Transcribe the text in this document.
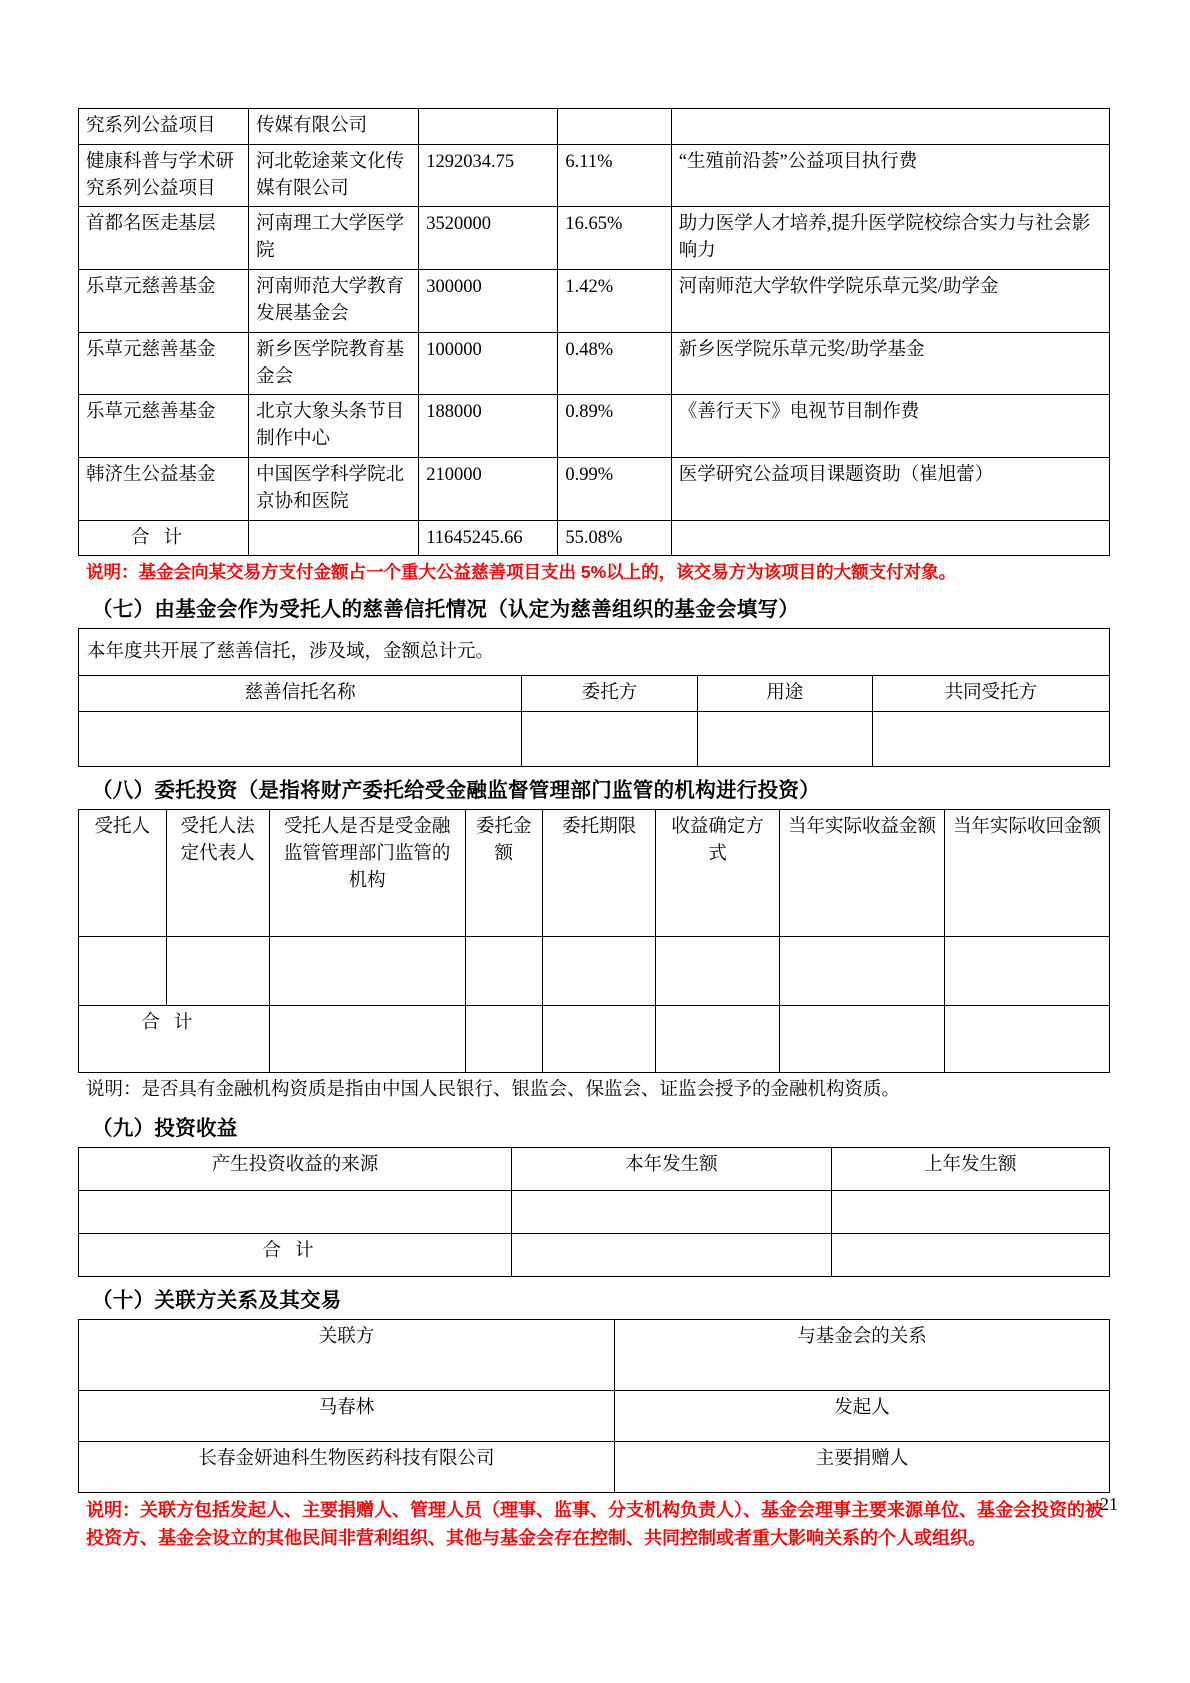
究系列公益项目	传媒有限公司			
健康科普与学术研究系列公益项目	河北乾途莱文化传媒有限公司	1292034.75	6.11%	“生殖前沿荟”公益项目执行费
首都名医走基层	河南理工大学医学院	3520000	16.65%	助力医学人才培养,提升医学院校综合实力与社会影响力
乐草元慈善基金	河南师范大学教育发展基金会	300000	1.42%	河南师范大学软件学院乐草元奖/助学金
乐草元慈善基金	新乡医学院教育基金会	100000	0.48%	新乡医学院乐草元奖/助学基金
乐草元慈善基金	北京大象头条节目制作中心	188000	0.89%	《善行天下》电视节目制作费
韩济生公益基金	中国医学科学院北京协和医院	210000	0.99%	医学研究公益项目课题资助（崔旭蕾）
合计		11645245.66	55.08%	
说明：基金会向某交易方支付金额占一个重大公益慈善项目支出 5%以上的，该交易方为该项目的大额支付对象。
（七）由基金会作为受托人的慈善信托情况（认定为慈善组织的基金会填写）
本年度共开展了慈善信托，涉及域，金额总计元。			
慈善信托名称	委托方	用途	共同受托方

（八）委托投资（是指将财产委托给受金融监督管理部门监管的机构进行投资）
受托人	受托人法定代表人	受托人是否是受金融监管管理部门监管的机构	委托金额	委托期限	收益确定方式	当年实际收益金额	当年实际收回金额

合计							
说明：是否具有金融机构资质是指由中国人民银行、银监会、保监会、证监会授予的金融机构资质。
（九）投资收益
产生投资收益的来源	本年发生额	上年发生额

合计		
（十）关联方关系及其交易
关联方	与基金会的关系
马春林	发起人
长春金妍迪科生物医药科技有限公司	主要捐赠人
说明：关联方包括发起人、主要捐赠人、管理人员（理事、监事、分支机构负责人）、基金会理事主要来源单位、基金会投资的被投资方、基金会设立的其他民间非营利组织、其他与基金会存在控制、共同控制或者重大影响关系的个人或组织。
21
